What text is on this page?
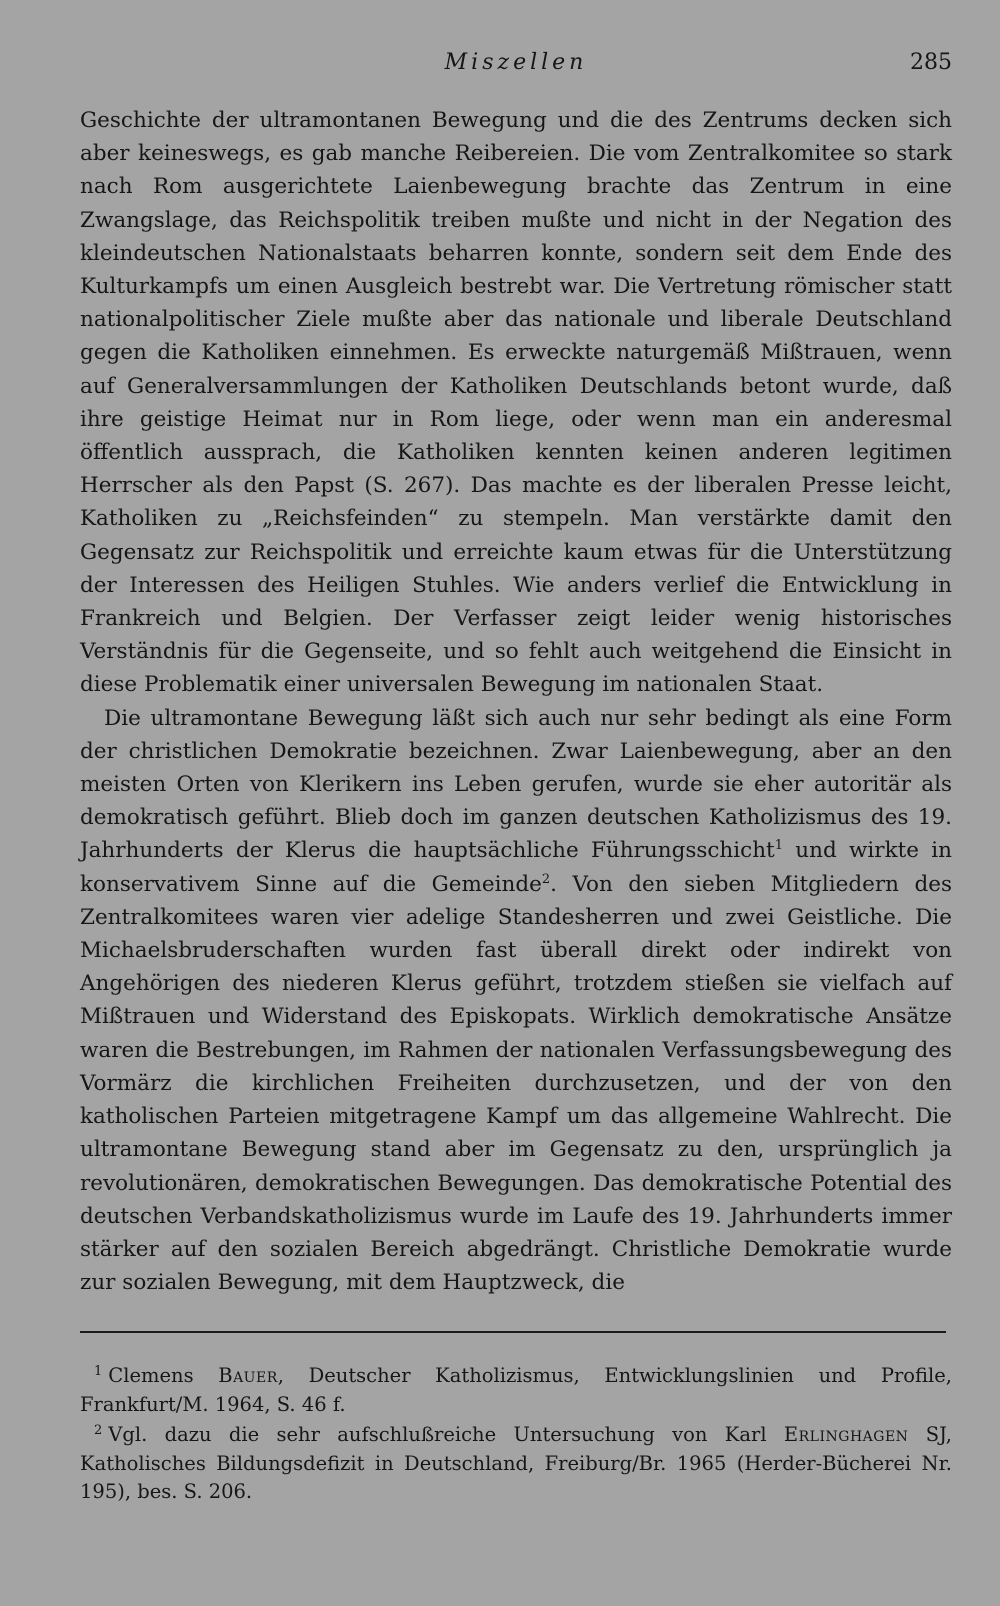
Miszellen	285

Geschichte der ultramontanen Bewegung und die des Zentrums decken sich aber keineswegs, es gab manche Reibereien. Die vom Zentralkomitee so stark nach Rom ausgerichtete Laienbewegung brachte das Zentrum in eine Zwangslage, das Reichspolitik treiben mußte und nicht in der Negation des kleindeutschen Nationalstaats beharren konnte, sondern seit dem Ende des Kulturkampfs um einen Ausgleich bestrebt war. Die Vertretung römischer statt nationalpolitischer Ziele mußte aber das nationale und liberale Deutschland gegen die Katholiken einnehmen. Es erweckte naturgemäß Mißtrauen, wenn auf Generalversammlungen der Katholiken Deutschlands betont wurde, daß ihre geistige Heimat nur in Rom liege, oder wenn man ein anderesmal öffentlich aussprach, die Katholiken kennten keinen anderen legitimen Herrscher als den Papst (S. 267). Das machte es der liberalen Presse leicht, Katholiken zu „Reichsfeinden“ zu stempeln. Man verstärkte damit den Gegensatz zur Reichspolitik und erreichte kaum etwas für die Unterstützung der Interessen des Heiligen Stuhles. Wie anders verlief die Entwicklung in Frankreich und Belgien. Der Verfasser zeigt leider wenig historisches Verständnis für die Gegenseite, und so fehlt auch weitgehend die Einsicht in diese Problematik einer universalen Bewegung im nationalen Staat.

Die ultramontane Bewegung läßt sich auch nur sehr bedingt als eine Form der christlichen Demokratie bezeichnen. Zwar Laienbewegung, aber an den meisten Orten von Klerikern ins Leben gerufen, wurde sie eher autoritär als demokratisch geführt. Blieb doch im ganzen deutschen Katholizismus des 19. Jahrhunderts der Klerus die hauptsächliche Führungsschicht$^1$ und wirkte in konservativem Sinne auf die Gemeinde$^2$. Von den sieben Mitgliedern des Zentralkomitees waren vier adelige Standesherren und zwei Geistliche. Die Michaelsbruderschaften wurden fast überall direkt oder indirekt von Angehörigen des niederen Klerus geführt, trotzdem stießen sie vielfach auf Mißtrauen und Widerstand des Episkopats. Wirklich demokratische Ansätze waren die Bestrebungen, im Rahmen der nationalen Verfassungsbewegung des Vormärz die kirchlichen Freiheiten durchzusetzen, und der von den katholischen Parteien mitgetragene Kampf um das allgemeine Wahlrecht. Die ultramontane Bewegung stand aber im Gegensatz zu den, ursprünglich ja revolutionären, demokratischen Bewegungen. Das demokratische Potential des deutschen Verbandskatholizismus wurde im Laufe des 19. Jahrhunderts immer stärker auf den sozialen Bereich abgedrängt. Christliche Demokratie wurde zur sozialen Bewegung, mit dem Hauptzweck, die

$^1$ Clemens Bauer, Deutscher Katholizismus, Entwicklungslinien und Profile, Frankfurt/M. 1964, S. 46 f.

$^2$ Vgl. dazu die sehr aufschlußreiche Untersuchung von Karl Erlinghagen SJ, Katholisches Bildungsdefizit in Deutschland, Freiburg/Br. 1965 (Herder-Bücherei Nr. 195), bes. S. 206.
